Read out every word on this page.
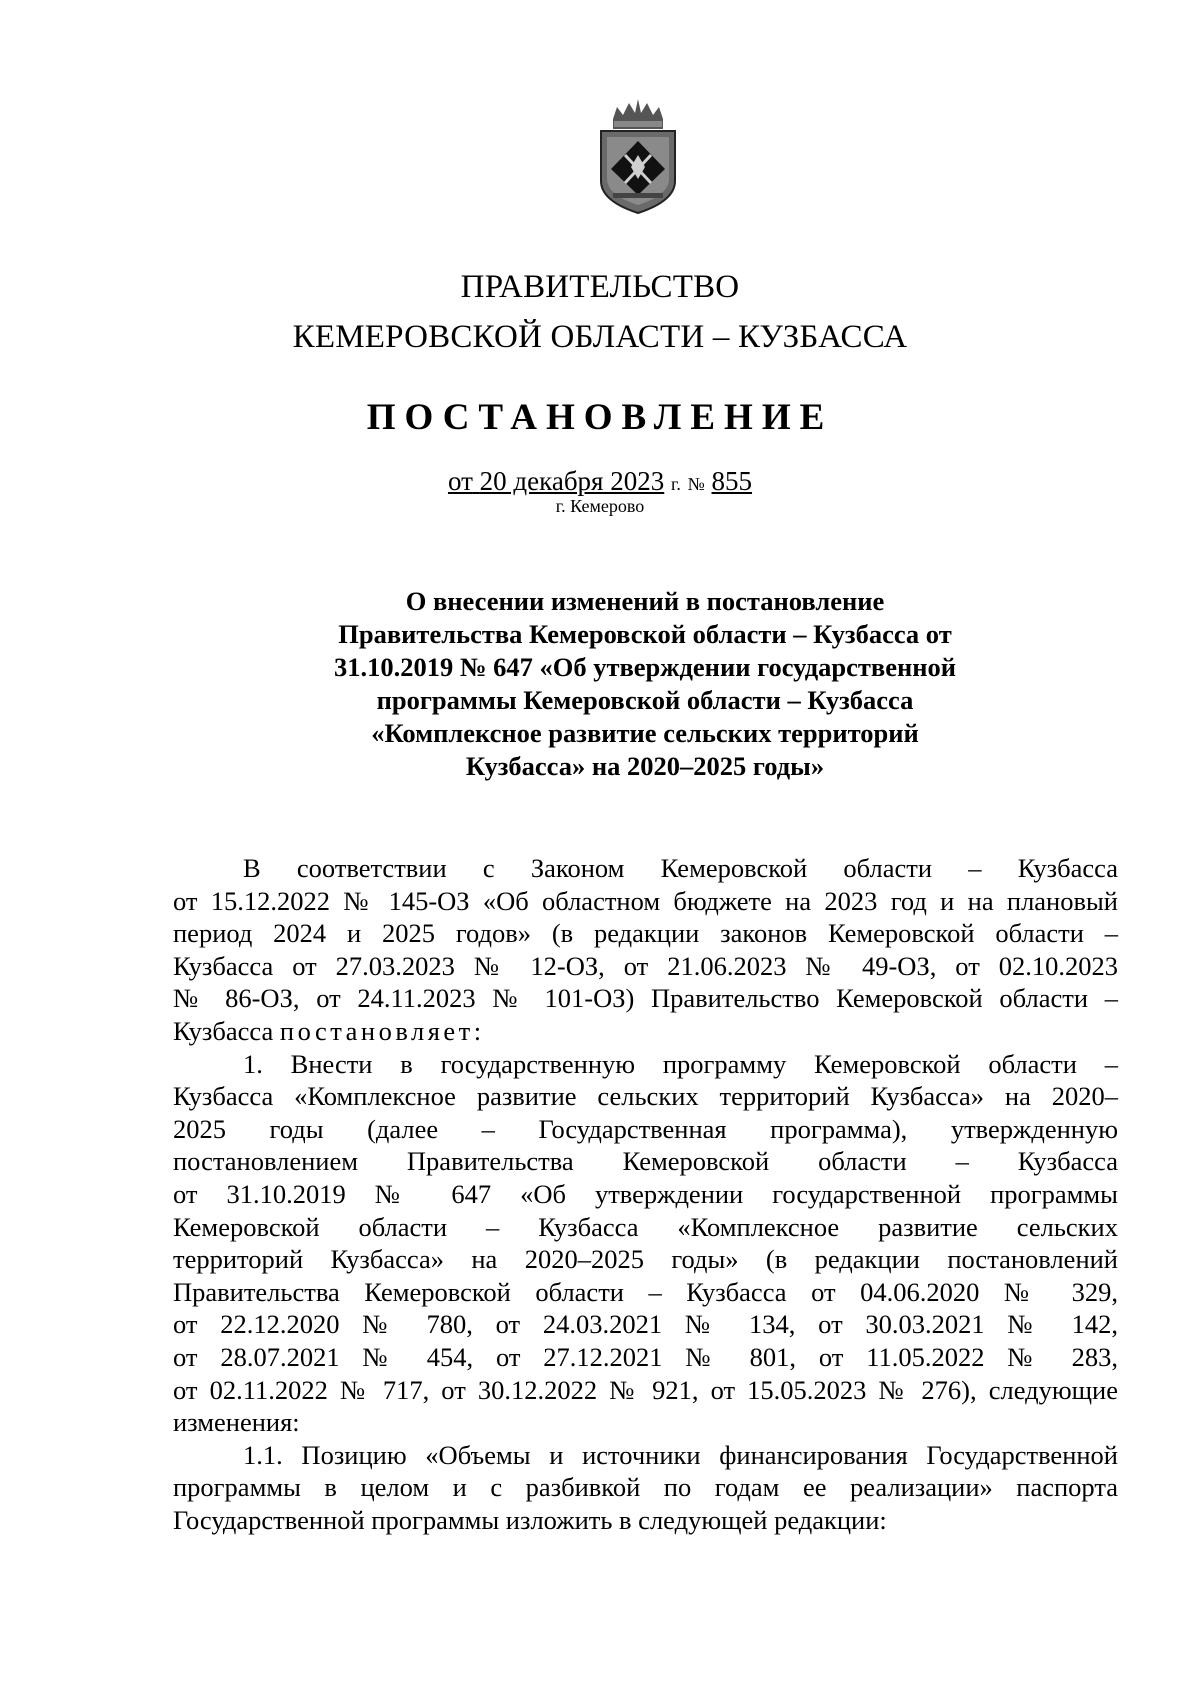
ПРАВИТЕЛЬСТВО
КЕМЕРОВСКОЙ ОБЛАСТИ – КУЗБАССА
ПОСТАНОВЛЕНИЕ
от 20 декабря 2023 г. № 855
г. Кемерово
О внесении изменений в постановление
Правительства Кемеровской области – Кузбасса от
31.10.2019 № 647 «Об утверждении государственной
программы Кемеровской области – Кузбасса
«Комплексное развитие сельских территорий
Кузбасса» на 2020–2025 годы»
В соответствии с Законом Кемеровской области – Кузбасса
от 15.12.2022 № 145-ОЗ «Об областном бюджете на 2023 год и на плановый
период 2024 и 2025 годов» (в редакции законов Кемеровской области –
Кузбасса от 27.03.2023 № 12-ОЗ, от 21.06.2023 № 49-ОЗ, от 02.10.2023
№ 86-ОЗ, от 24.11.2023 № 101-ОЗ) Правительство Кемеровской области –
Кузбасса постановляет:
1. Внести в государственную программу Кемеровской области –
Кузбасса «Комплексное развитие сельских территорий Кузбасса» на 2020–
2025 годы (далее – Государственная программа), утвержденную
постановлением Правительства Кемеровской области – Кузбасса
от 31.10.2019 № 647 «Об утверждении государственной программы
Кемеровской области – Кузбасса «Комплексное развитие сельских
территорий Кузбасса» на 2020–2025 годы» (в редакции постановлений
Правительства Кемеровской области – Кузбасса от 04.06.2020 № 329,
от 22.12.2020 № 780, от 24.03.2021 № 134, от 30.03.2021 № 142,
от 28.07.2021 № 454, от 27.12.2021 № 801, от 11.05.2022 № 283,
от 02.11.2022 № 717, от 30.12.2022 № 921, от 15.05.2023 № 276), следующие
изменения:
1.1. Позицию «Объемы и источники финансирования Государственной
программы в целом и с разбивкой по годам ее реализации» паспорта
Государственной программы изложить в следующей редакции:
